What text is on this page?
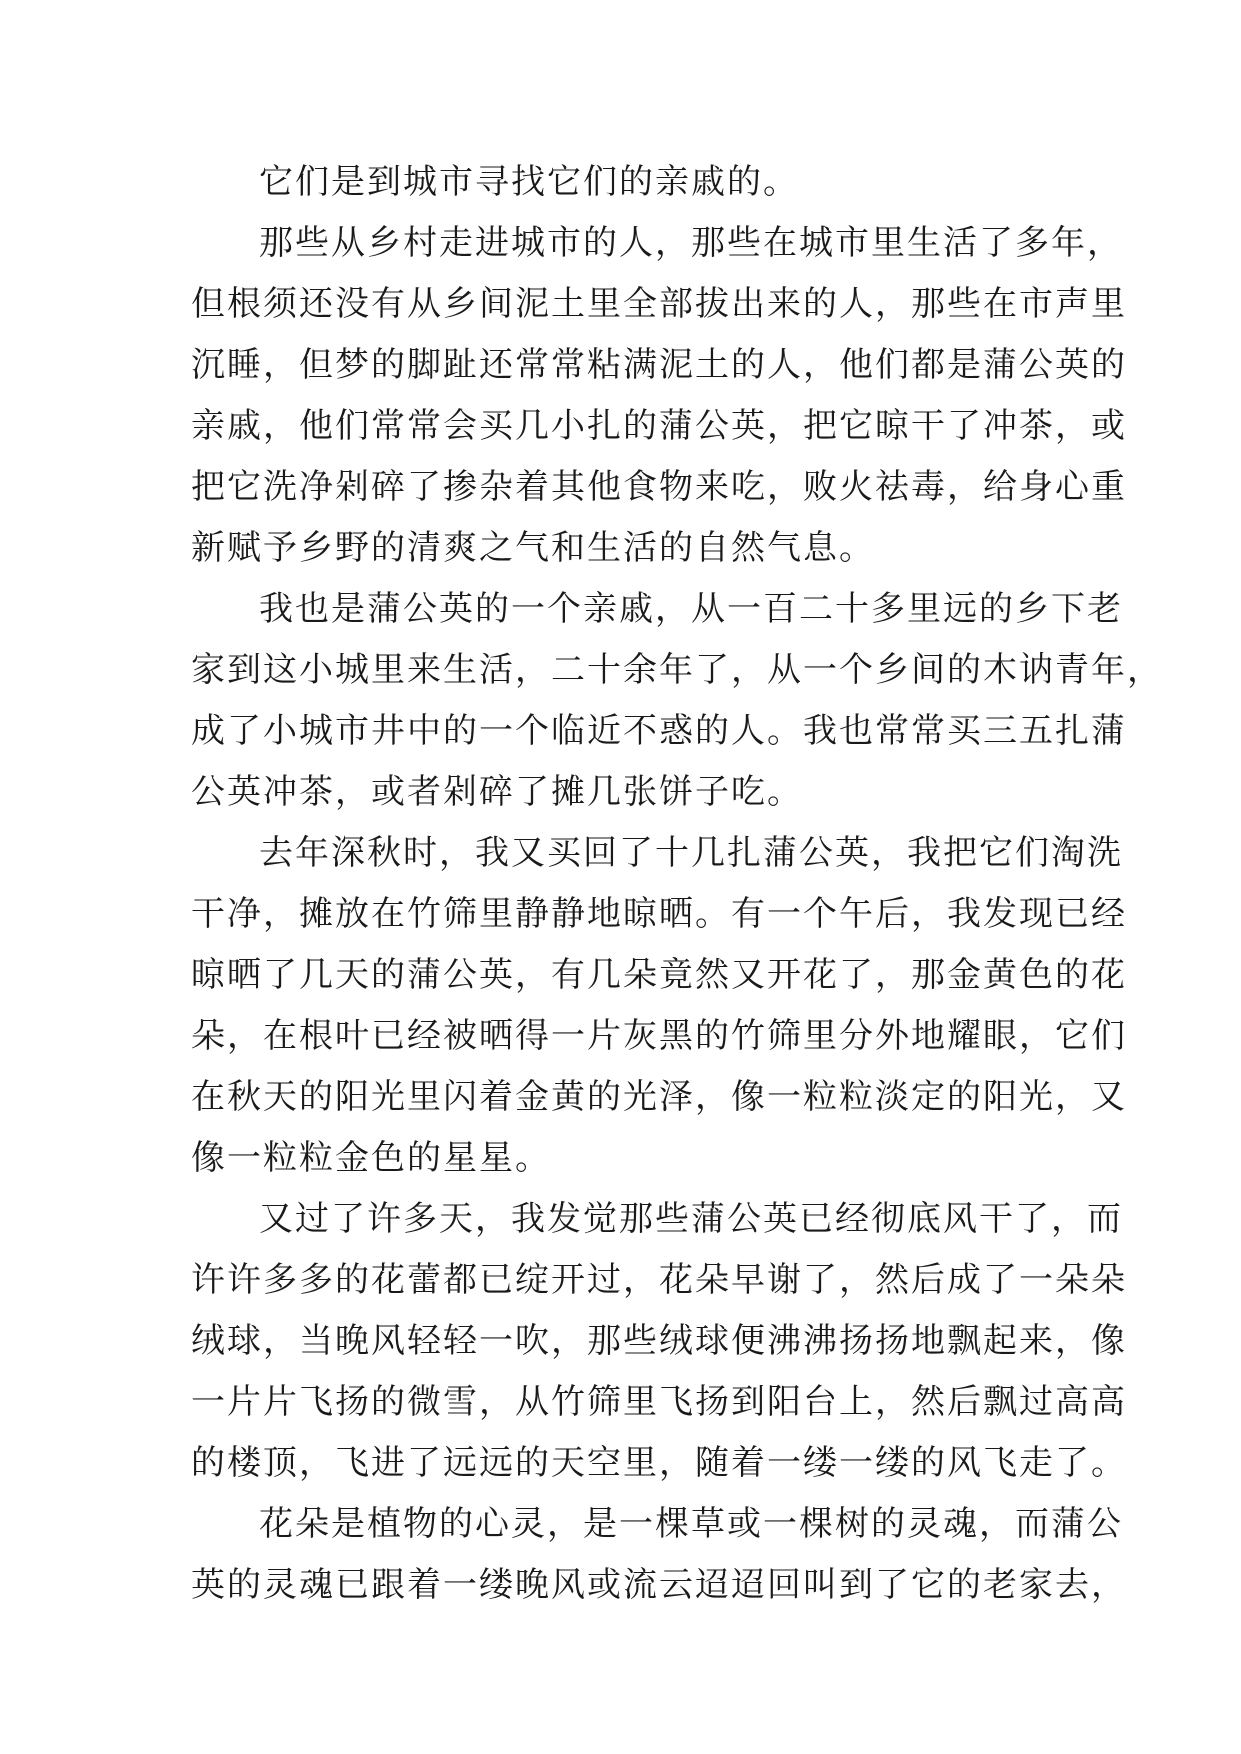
它们是到城市寻找它们的亲戚的。
那些从乡村走进城市的人，那些在城市里生活了多年，
但根须还没有从乡间泥土里全部拔出来的人，那些在市声里
沉睡，但梦的脚趾还常常粘满泥土的人，他们都是蒲公英的
亲戚，他们常常会买几小扎的蒲公英，把它晾干了冲茶，或
把它洗净剁碎了掺杂着其他食物来吃，败火祛毒，给身心重
新赋予乡野的清爽之气和生活的自然气息。
我也是蒲公英的一个亲戚，从一百二十多里远的乡下老
家到这小城里来生活，二十余年了，从一个乡间的木讷青年，
成了小城市井中的一个临近不惑的人。我也常常买三五扎蒲
公英冲茶，或者剁碎了摊几张饼子吃。
去年深秋时，我又买回了十几扎蒲公英，我把它们淘洗
干净，摊放在竹筛里静静地晾晒。有一个午后，我发现已经
晾晒了几天的蒲公英，有几朵竟然又开花了，那金黄色的花
朵，在根叶已经被晒得一片灰黑的竹筛里分外地耀眼，它们
在秋天的阳光里闪着金黄的光泽，像一粒粒淡定的阳光，又
像一粒粒金色的星星。
又过了许多天，我发觉那些蒲公英已经彻底风干了，而
许许多多的花蕾都已绽开过，花朵早谢了，然后成了一朵朵
绒球，当晚风轻轻一吹，那些绒球便沸沸扬扬地飘起来，像
一片片飞扬的微雪，从竹筛里飞扬到阳台上，然后飘过高高
的楼顶，飞进了远远的天空里，随着一缕一缕的风飞走了。
花朵是植物的心灵，是一棵草或一棵树的灵魂，而蒲公
英的灵魂已跟着一缕晚风或流云迢迢回叫到了它的老家去，
